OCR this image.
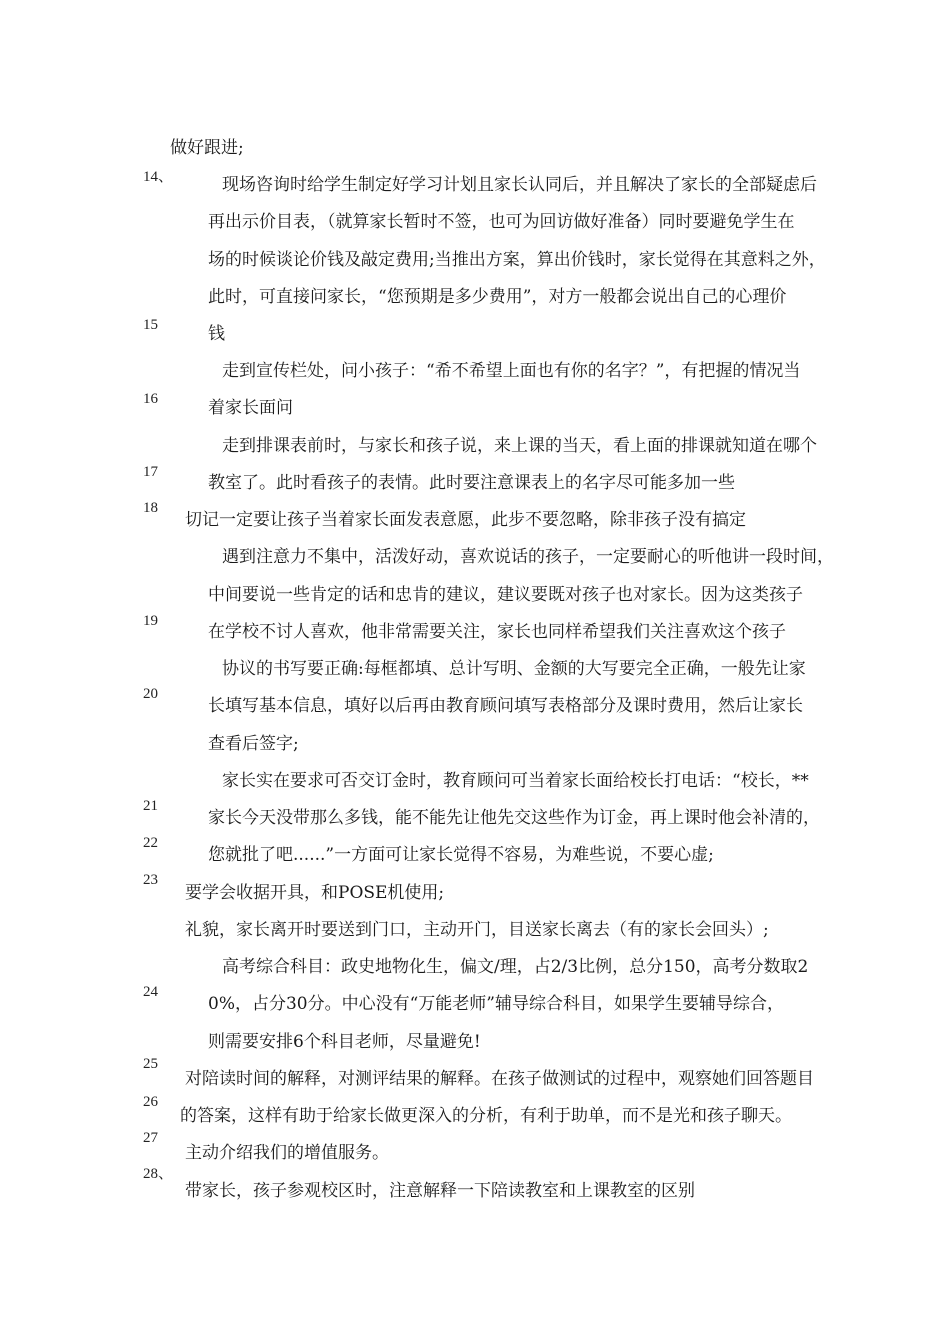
14、
15
16
17
18
19
20
21
22
23
24
25
26
27
28、
做好跟进;
现场咨询时给学生制定好学习计划且家长认同后，并且解决了家长的全部疑虑后
再出示价目表，（就算家长暂时不签，也可为回访做好准备）同时要避免学生在
场的时候谈论价钱及敲定费用;当推出方案，算出价钱时，家长觉得在其意料之外，
此时，可直接问家长，“您预期是多少费用”，对方一般都会说出自己的心理价
钱
走到宣传栏处，问小孩子：“希不希望上面也有你的名字？”，有把握的情况当
着家长面问
走到排课表前时，与家长和孩子说，来上课的当天，看上面的排课就知道在哪个
教室了。此时看孩子的表情。此时要注意课表上的名字尽可能多加一些
切记一定要让孩子当着家长面发表意愿，此步不要忽略，除非孩子没有搞定
遇到注意力不集中，活泼好动，喜欢说话的孩子，一定要耐心的听他讲一段时间，
中间要说一些肯定的话和忠肯的建议，建议要既对孩子也对家长。因为这类孩子
在学校不讨人喜欢，他非常需要关注，家长也同样希望我们关注喜欢这个孩子
协议的书写要正确:每框都填、总计写明、金额的大写要完全正确，一般先让家
长填写基本信息，填好以后再由教育顾问填写表格部分及课时费用，然后让家长
查看后签字;
家长实在要求可否交订金时，教育顾问可当着家长面给校长打电话：“校长，**
家长今天没带那么多钱，能不能先让他先交这些作为订金，再上课时他会补清的，
您就批了吧......”一方面可让家长觉得不容易，为难些说，不要心虚;
要学会收据开具，和POSE机使用;
礼貌，家长离开时要送到门口，主动开门，目送家长离去（有的家长会回头）;
高考综合科目：政史地物化生，偏文/理，占2/3比例，总分150，高考分数取2
0%，占分30分。中心没有“万能老师”辅导综合科目，如果学生要辅导综合，
则需要安排6个科目老师，尽量避免!
对陪读时间的解释，对测评结果的解释。在孩子做测试的过程中，观察她们回答题目
的答案，这样有助于给家长做更深入的分析，有利于助单，而不是光和孩子聊天。
主动介绍我们的增值服务。
带家长，孩子参观校区时，注意解释一下陪读教室和上课教室的区别
